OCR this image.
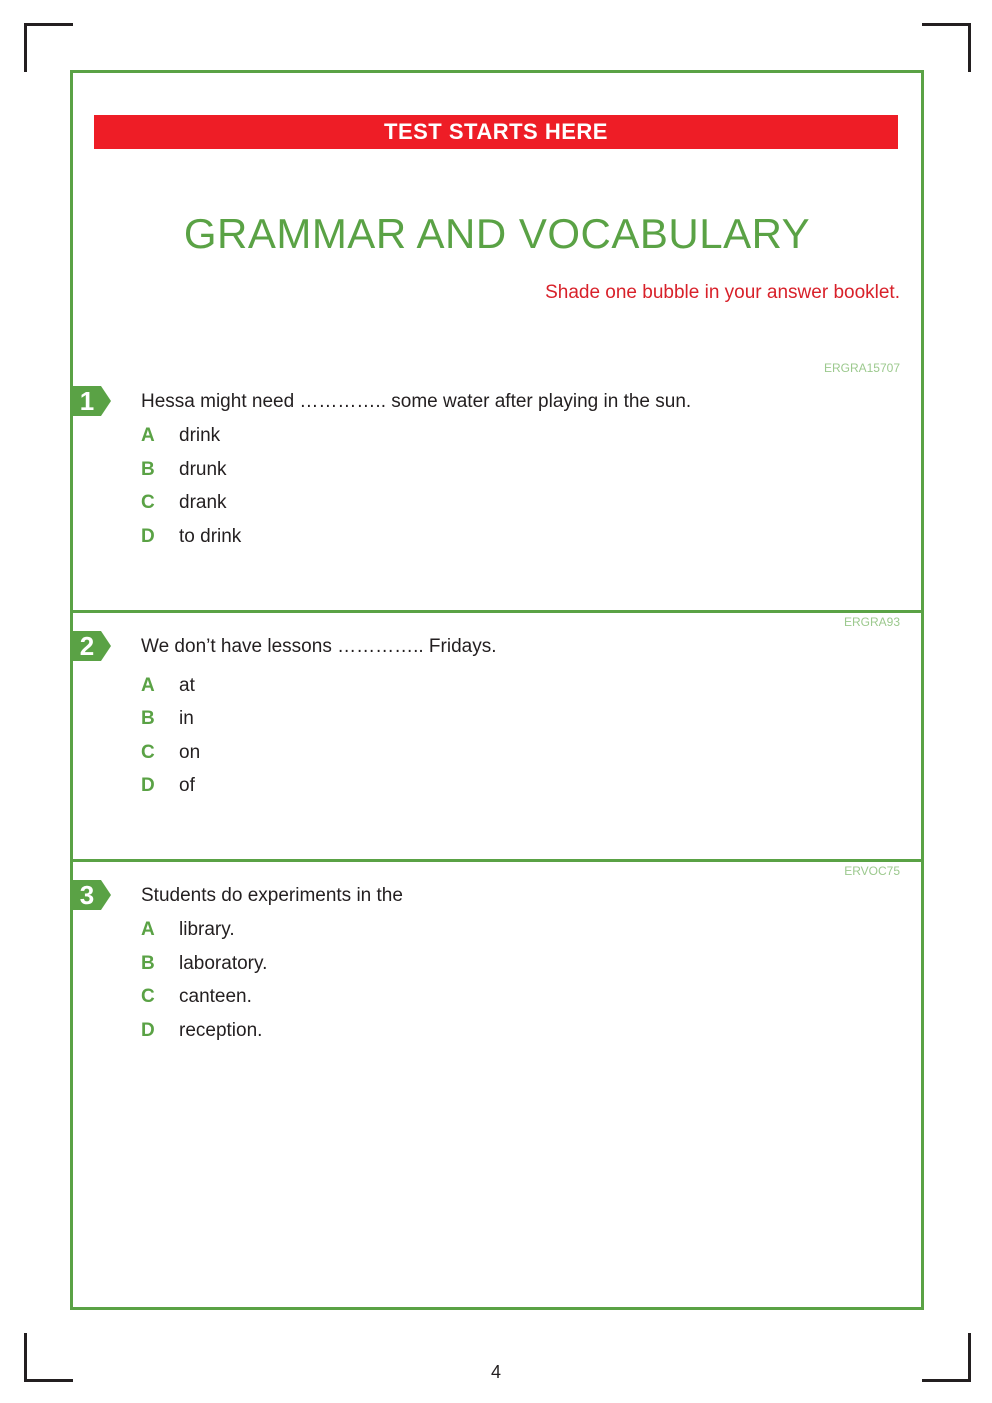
TEST STARTS HERE
GRAMMAR AND VOCABULARY
Shade one bubble in your answer booklet.
ERGRA15707
1	Hessa might need ………….. some water after playing in the sun.
A	drink
B	drunk
C	drank
D	to drink
ERGRA93
2	We don’t have lessons ………….. Fridays.
A	at
B	in
C	on
D	of
ERVOC75
3	Students do experiments in the
A	library.
B	laboratory.
C	canteen.
D	reception.
4
